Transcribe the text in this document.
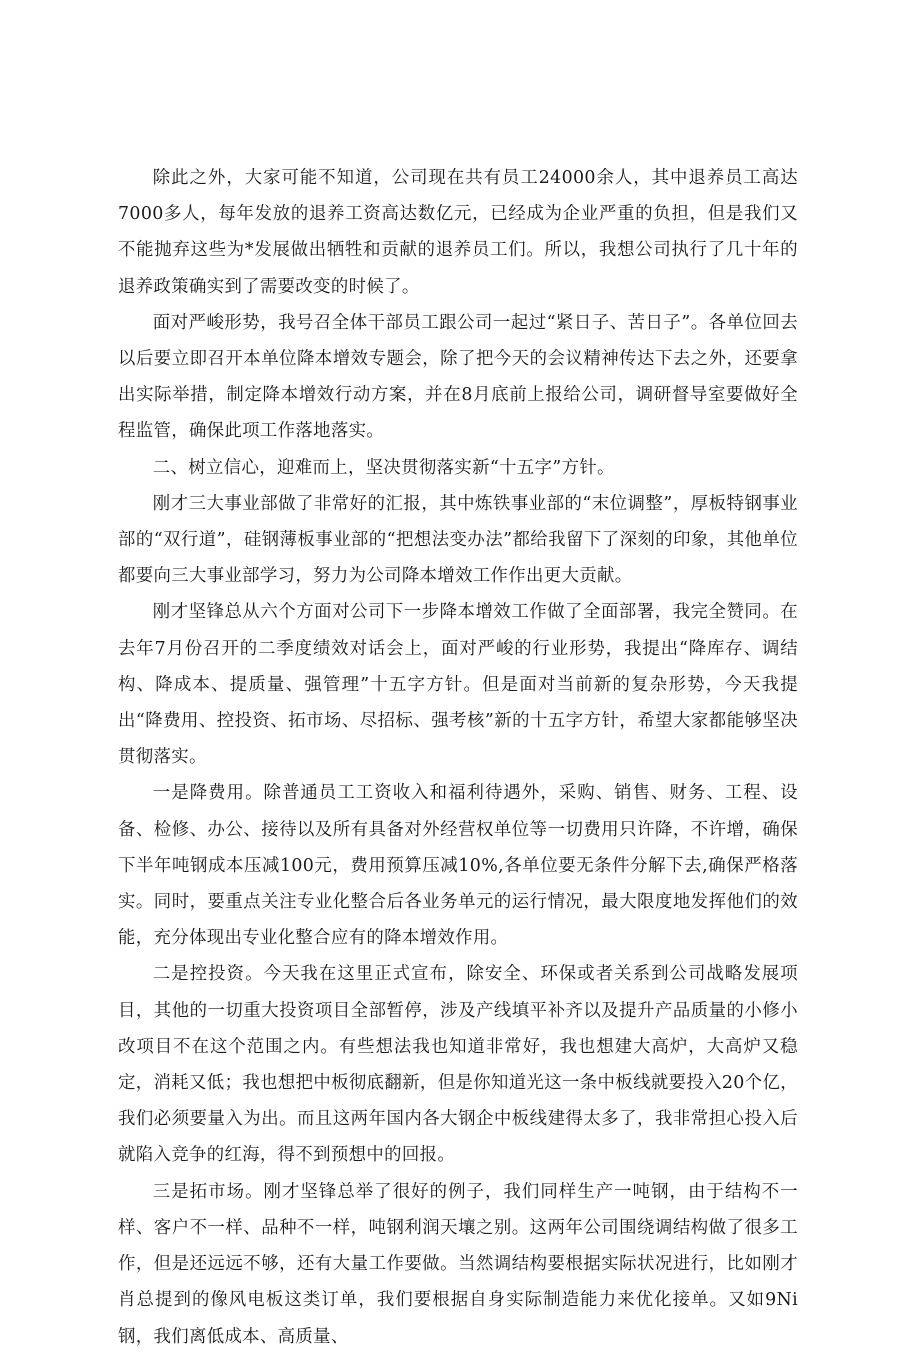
除此之外，大家可能不知道，公司现在共有员工24000余人，其中退养员工高达7000多人，每年发放的退养工资高达数亿元，已经成为企业严重的负担，但是我们又不能抛弃这些为*发展做出牺牲和贡献的退养员工们。所以，我想公司执行了几十年的退养政策确实到了需要改变的时候了。

面对严峻形势，我号召全体干部员工跟公司一起过“紧日子、苦日子”。各单位回去以后要立即召开本单位降本增效专题会，除了把今天的会议精神传达下去之外，还要拿出实际举措，制定降本增效行动方案，并在8月底前上报给公司，调研督导室要做好全程监管，确保此项工作落地落实。

二、树立信心，迎难而上，坚决贯彻落实新“十五字”方针。

刚才三大事业部做了非常好的汇报，其中炼铁事业部的“末位调整”，厚板特钢事业部的“双行道”，硅钢薄板事业部的“把想法变办法”都给我留下了深刻的印象，其他单位都要向三大事业部学习，努力为公司降本增效工作作出更大贡献。

刚才坚锋总从六个方面对公司下一步降本增效工作做了全面部署，我完全赞同。在去年7月份召开的二季度绩效对话会上，面对严峻的行业形势，我提出“降库存、调结构、降成本、提质量、强管理”十五字方针。但是面对当前新的复杂形势，今天我提出“降费用、控投资、拓市场、尽招标、强考核”新的十五字方针，希望大家都能够坚决贯彻落实。

一是降费用。除普通员工工资收入和福利待遇外，采购、销售、财务、工程、设备、检修、办公、接待以及所有具备对外经营权单位等一切费用只许降，不许增，确保下半年吨钢成本压减100元，费用预算压减10%,各单位要无条件分解下去,确保严格落实。同时，要重点关注专业化整合后各业务单元的运行情况，最大限度地发挥他们的效能，充分体现出专业化整合应有的降本增效作用。

二是控投资。今天我在这里正式宣布，除安全、环保或者关系到公司战略发展项目，其他的一切重大投资项目全部暂停，涉及产线填平补齐以及提升产品质量的小修小改项目不在这个范围之内。有些想法我也知道非常好，我也想建大高炉，大高炉又稳定，消耗又低；我也想把中板彻底翻新，但是你知道光这一条中板线就要投入20个亿，我们必须要量入为出。而且这两年国内各大钢企中板线建得太多了，我非常担心投入后就陷入竞争的红海，得不到预想中的回报。

三是拓市场。刚才坚锋总举了很好的例子，我们同样生产一吨钢，由于结构不一样、客户不一样、品种不一样，吨钢利润天壤之别。这两年公司围绕调结构做了很多工作，但是还远远不够，还有大量工作要做。当然调结构要根据实际状况进行，比如刚才肖总提到的像风电板这类订单，我们要根据自身实际制造能力来优化接单。又如9Ni钢，我们离低成本、高质量、
